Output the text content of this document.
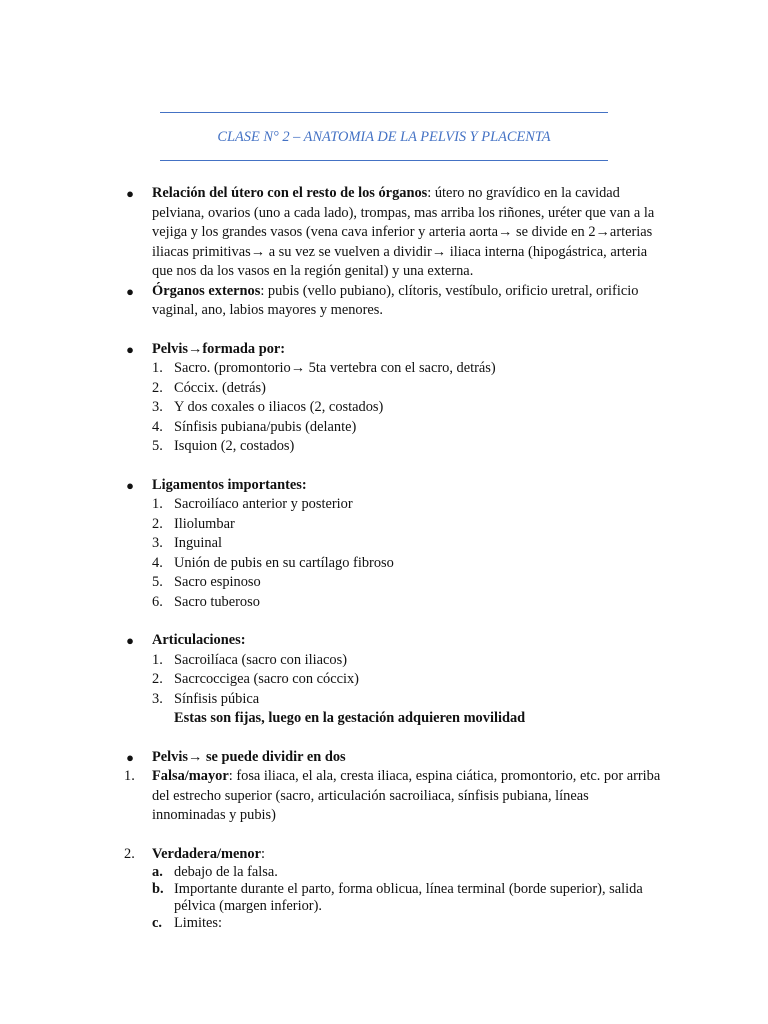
CLASE N° 2 – ANATOMIA DE LA PELVIS Y PLACENTA
● Relación del útero con el resto de los órganos: útero no gravídico en la cavidad pelviana, ovarios (uno a cada lado), trompas, mas arriba los riñones, uréter que van a la vejiga y los grandes vasos (vena cava inferior y arteria aorta→ se divide en 2→arterias iliacas primitivas→ a su vez se vuelven a dividir→ iliaca interna (hipogástrica, arteria que nos da los vasos en la región genital) y una externa.
● Órganos externos: pubis (vello pubiano), clítoris, vestíbulo, orificio uretral, orificio vaginal, ano, labios mayores y menores.
● Pelvis→formada por:
1. Sacro. (promontorio→ 5ta vertebra con el sacro, detrás)
2. Cóccix. (detrás)
3. Y dos coxales o iliacos (2, costados)
4. Sínfisis pubiana/pubis (delante)
5. Isquion (2, costados)
● Ligamentos importantes:
1. Sacroilíaco anterior y posterior
2. Iliolumbar
3. Inguinal
4. Unión de pubis en su cartílago fibroso
5. Sacro espinoso
6. Sacro tuberoso
● Articulaciones:
1. Sacroilíaca (sacro con iliacos)
2. Sacrcoccigea (sacro con cóccix)
3. Sínfisis púbica
Estas son fijas, luego en la gestación adquieren movilidad
● Pelvis→ se puede dividir en dos
1. Falsa/mayor: fosa iliaca, el ala, cresta iliaca, espina ciática, promontorio, etc. por arriba del estrecho superior (sacro, articulación sacroiliaca, sínfisis pubiana, líneas innominadas y pubis)
2. Verdadera/menor:
a. debajo de la falsa.
b. Importante durante el parto, forma oblicua, línea terminal (borde superior), salida pélvica (margen inferior).
c. Limites:
